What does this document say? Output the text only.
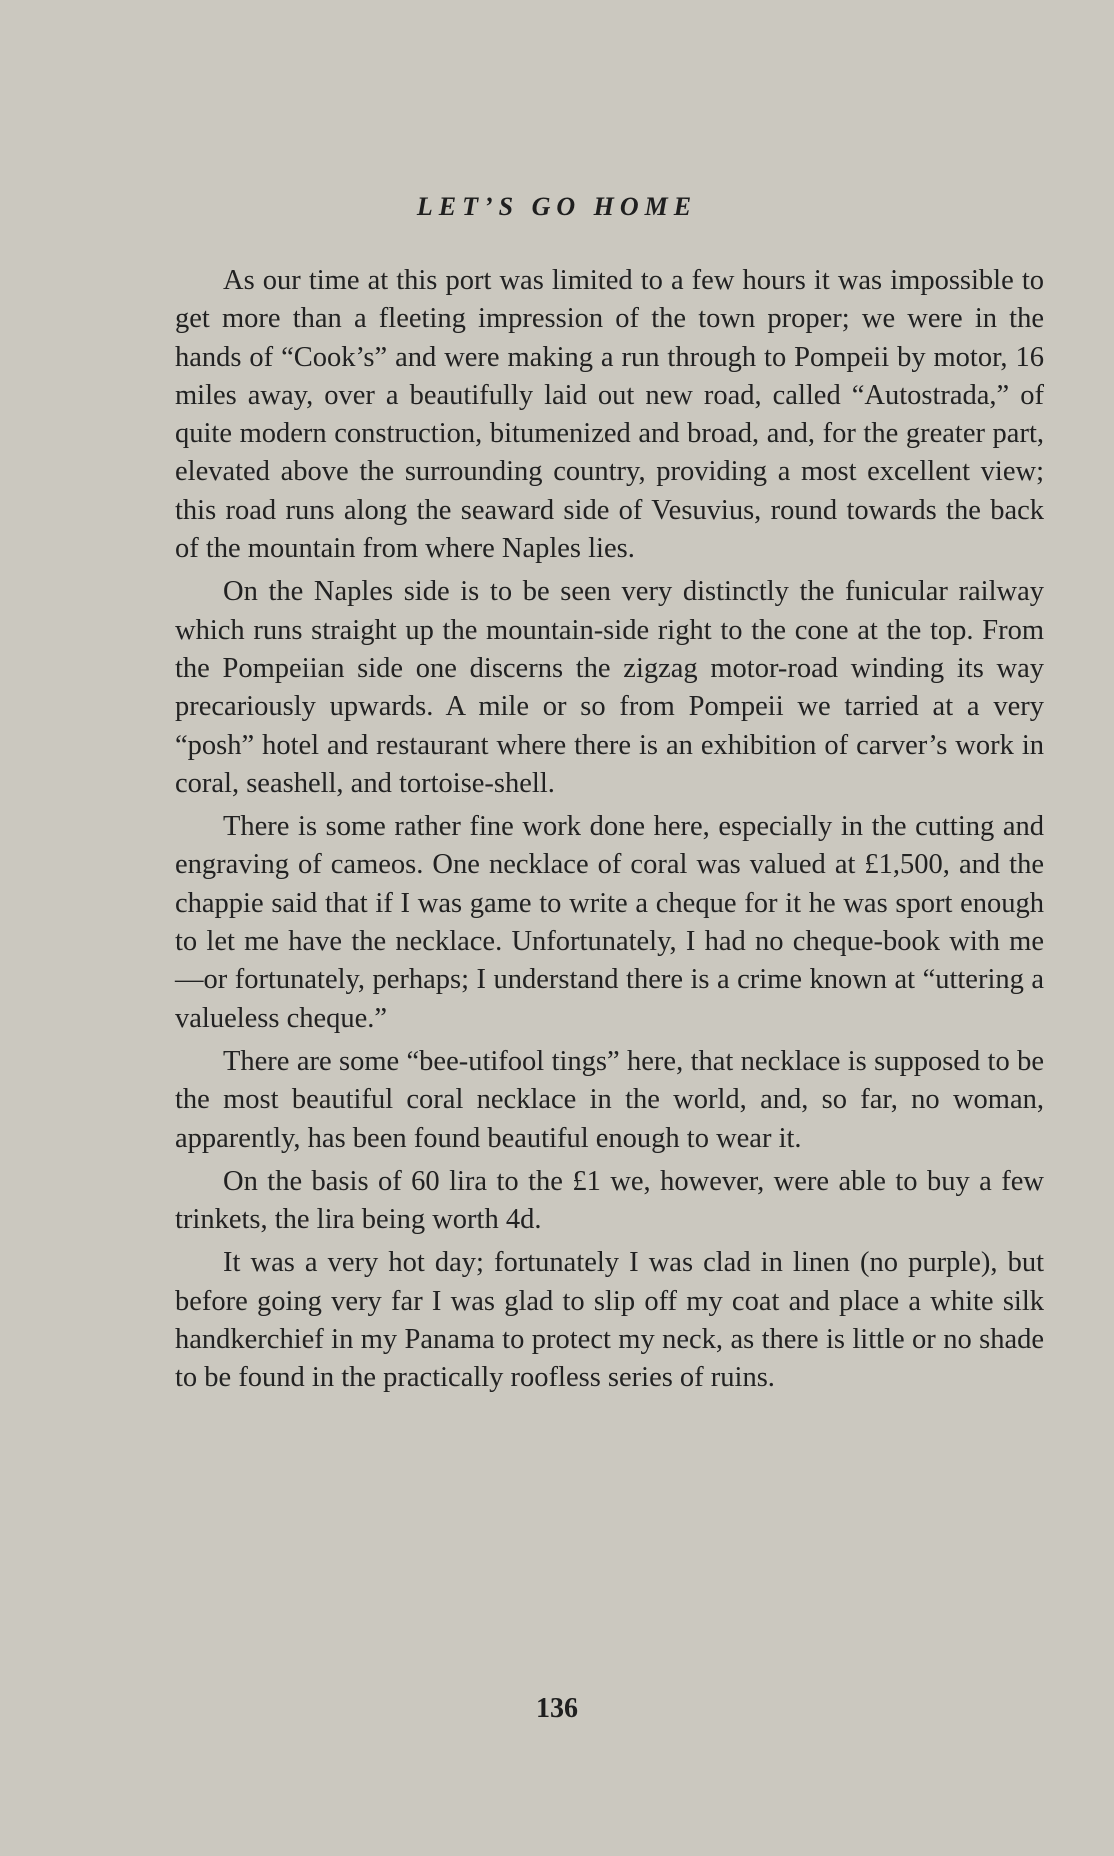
LET’S GO HOME

As our time at this port was limited to a few hours it was impossible to get more than a fleeting impression of the town proper; we were in the hands of “Cook’s” and were making a run through to Pompeii by motor, 16 miles away, over a beautifully laid out new road, called “Autostrada,” of quite modern construction, bitumenized and broad, and, for the greater part, elevated above the surrounding country, providing a most excellent view; this road runs along the seaward side of Vesuvius, round towards the back of the mountain from where Naples lies.

On the Naples side is to be seen very distinctly the funicular railway which runs straight up the mountain-side right to the cone at the top. From the Pompeiian side one discerns the zigzag motor-road winding its way precariously upwards. A mile or so from Pompeii we tarried at a very “posh” hotel and restaurant where there is an exhibition of carver’s work in coral, seashell, and tortoise-shell.

There is some rather fine work done here, especially in the cutting and engraving of cameos. One necklace of coral was valued at £1,500, and the chappie said that if I was game to write a cheque for it he was sport enough to let me have the necklace. Unfortunately, I had no cheque-book with me—or fortunately, perhaps; I understand there is a crime known at “uttering a valueless cheque.”

There are some “bee-utifool tings” here, that necklace is supposed to be the most beautiful coral necklace in the world, and, so far, no woman, apparently, has been found beautiful enough to wear it.

On the basis of 60 lira to the £1 we, however, were able to buy a few trinkets, the lira being worth 4d.

It was a very hot day; fortunately I was clad in linen (no purple), but before going very far I was glad to slip off my coat and place a white silk handkerchief in my Panama to protect my neck, as there is little or no shade to be found in the practically roofless series of ruins.

136
